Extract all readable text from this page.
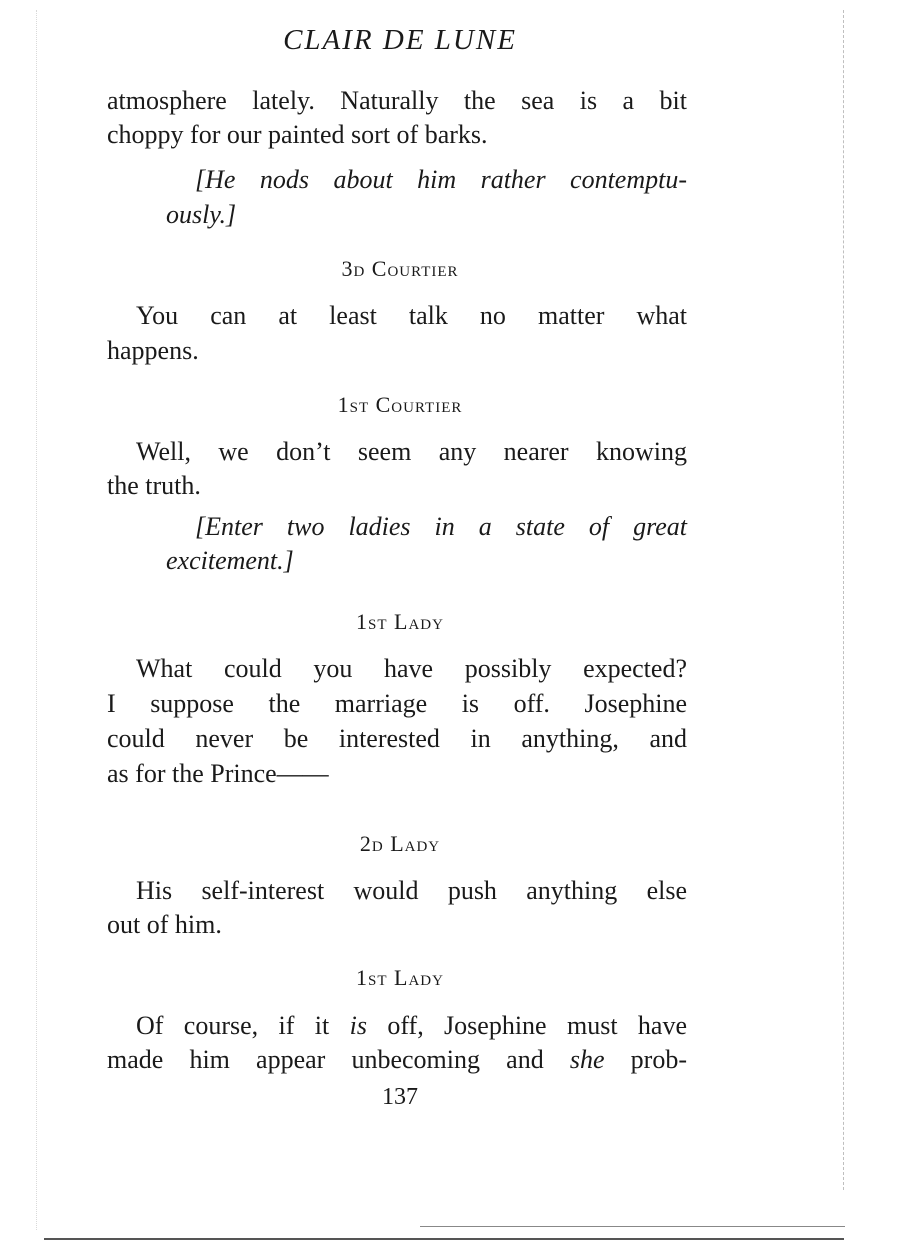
CLAIR DE LUNE
atmosphere lately. Naturally the sea is a bit
choppy for our painted sort of barks.
[He nods about him rather contemptu-
ously.]
3d Courtier
You can at least talk no matter what
happens.
1st Courtier
Well, we don’t seem any nearer knowing
the truth.
[Enter two ladies in a state of great
excitement.]
1st Lady
What could you have possibly expected?
I suppose the marriage is off. Josephine
could never be interested in anything, and
as for the Prince——
2d Lady
His self-interest would push anything else
out of him.
1st Lady
Of course, if it is off, Josephine must have
made him appear unbecoming and she prob-
137
